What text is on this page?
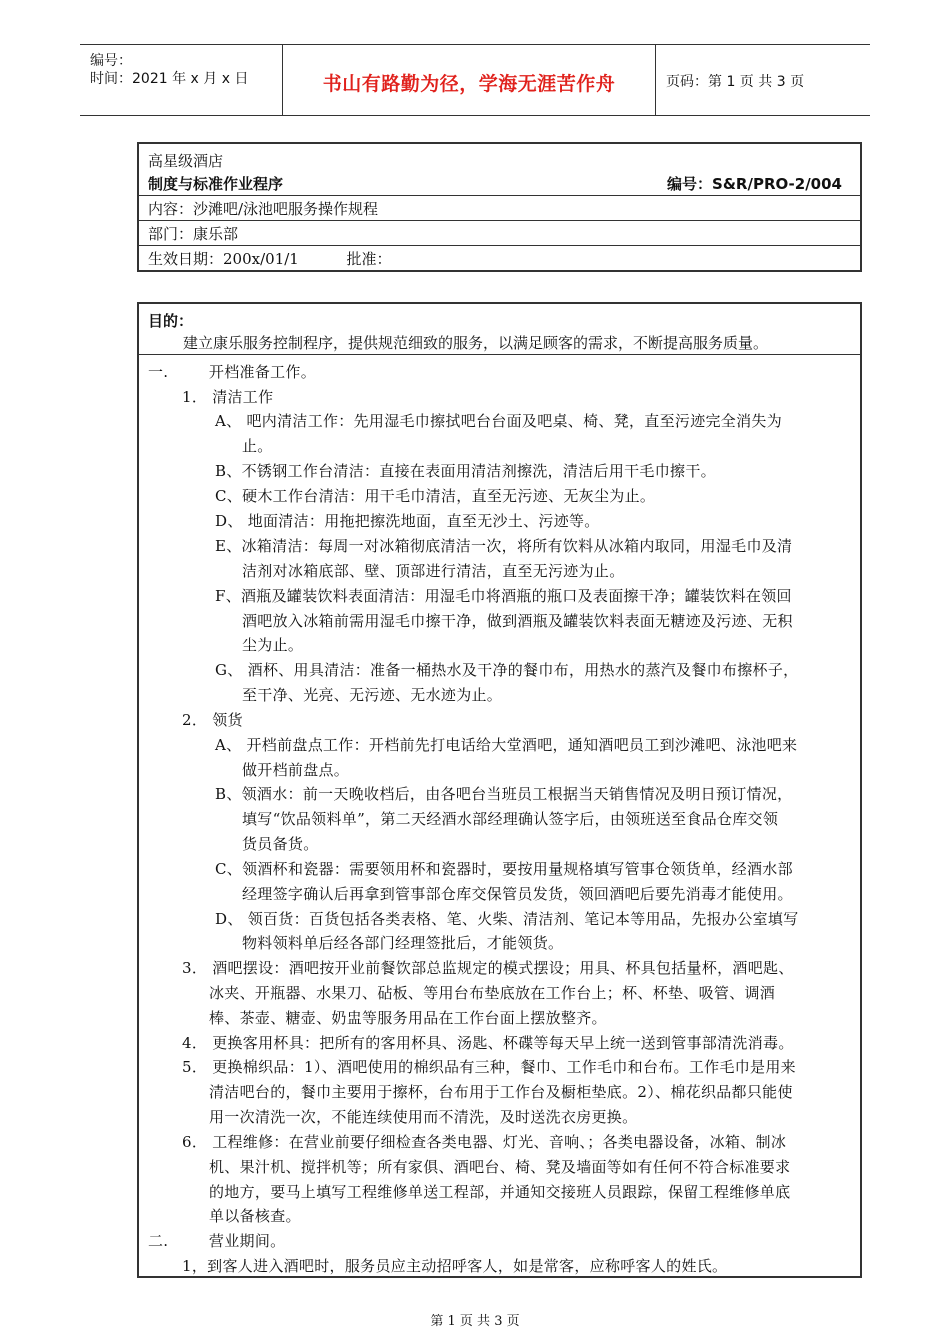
编号：
时间：2021 年 x 月 x 日	书山有路勤为径，学海无涯苦作舟	页码：第 1 页 共 3 页
高星级酒店
制度与标准作业程序	编号：S&R/PRO-2/004
内容：沙滩吧/泳池吧服务操作规程
部门：康乐部
生效日期：200x/01/1          批准：
目的：
建立康乐服务控制程序，提供规范细致的服务，以满足顾客的需求，不断提高服务质量。
一.        开档准备工作。
1． 清洁工作
A、 吧内清洁工作：先用湿毛巾擦拭吧台台面及吧桌、椅、凳，直至污迹完全消失为
止。
B、不锈钢工作台清洁：直接在表面用清洁剂擦洗，清洁后用干毛巾擦干。
C、硬木工作台清洁：用干毛巾清洁，直至无污迹、无灰尘为止。
D、 地面清洁：用拖把擦洗地面，直至无沙土、污迹等。
E、冰箱清洁：每周一对冰箱彻底清洁一次，将所有饮料从冰箱内取同，用湿毛巾及清
洁剂对冰箱底部、壁、顶部进行清洁，直至无污迹为止。
F、酒瓶及罐装饮料表面清洁：用湿毛巾将酒瓶的瓶口及表面擦干净；罐装饮料在领回
酒吧放入冰箱前需用湿毛巾擦干净，做到酒瓶及罐装饮料表面无糖迹及污迹、无积
尘为止。
G、 酒杯、用具清洁：准备一桶热水及干净的餐巾布，用热水的蒸汽及餐巾布擦杯子，
至干净、光亮、无污迹、无水迹为止。
2． 领货
A、 开档前盘点工作：开档前先打电话给大堂酒吧，通知酒吧员工到沙滩吧、泳池吧来
做开档前盘点。
B、领酒水：前一天晚收档后，由各吧台当班员工根据当天销售情况及明日预订情况，
填写“饮品领料单”，第二天经酒水部经理确认签字后，由领班送至食品仓库交领
货员备货。
C、领酒杯和瓷器：需要领用杯和瓷器时，要按用量规格填写管事仓领货单，经酒水部
经理签字确认后再拿到管事部仓库交保管员发货，领回酒吧后要先消毒才能使用。
D、 领百货：百货包括各类表格、笔、火柴、清洁剂、笔记本等用品，先报办公室填写
物料领料单后经各部门经理签批后，才能领货。
3． 酒吧摆设：酒吧按开业前餐饮部总监规定的模式摆设；用具、杯具包括量杯，酒吧匙、
冰夹、开瓶器、水果刀、砧板、等用台布垫底放在工作台上；杯、杯垫、吸管、调酒
棒、茶壶、糖壶、奶盅等服务用品在工作台面上摆放整齐。
4． 更换客用杯具：把所有的客用杯具、汤匙、杯碟等每天早上统一送到管事部清洗消毒。
5． 更换棉织品：1）、酒吧使用的棉织品有三种，餐巾、工作毛巾和台布。工作毛巾是用来
清洁吧台的，餐巾主要用于擦杯，台布用于工作台及橱柜垫底。2）、棉花织品都只能使
用一次清洗一次，不能连续使用而不清洗，及时送洗衣房更换。
6． 工程维修：在营业前要仔细检查各类电器、灯光、音响、；各类电器设备，冰箱、制冰
机、果汁机、搅拌机等；所有家俱、酒吧台、椅、凳及墙面等如有任何不符合标准要求
的地方，要马上填写工程维修单送工程部，并通知交接班人员跟踪，保留工程维修单底
单以备核查。
二.        营业期间。
1，到客人进入酒吧时，服务员应主动招呼客人，如是常客，应称呼客人的姓氏。
第 1 页 共 3 页
